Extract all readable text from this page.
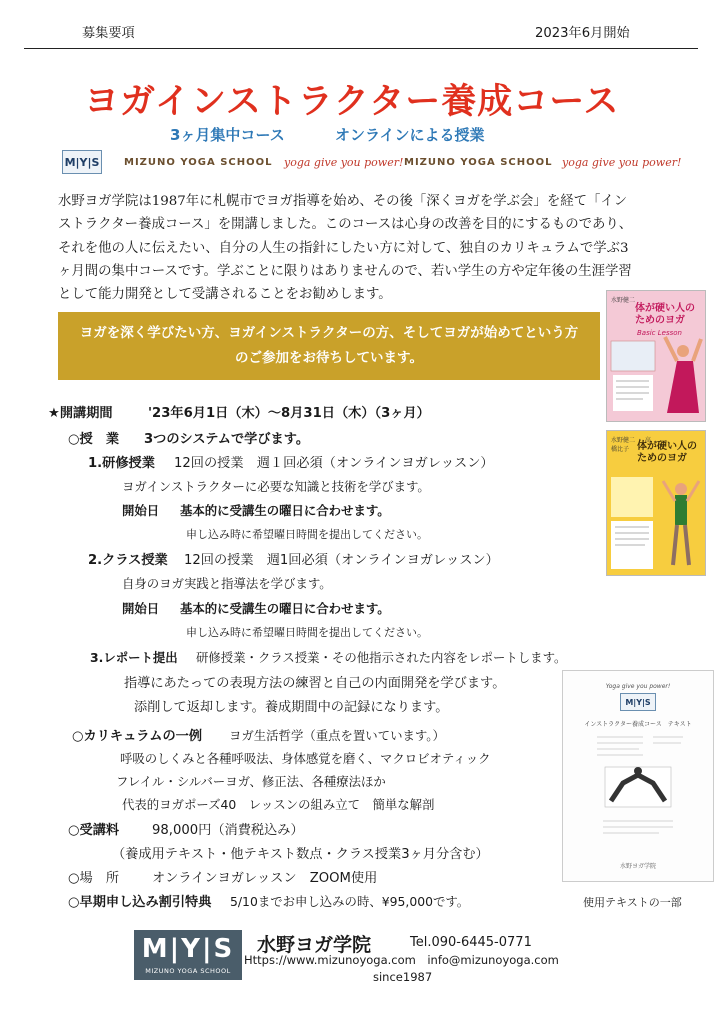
募集要項	2023年6月開始
ヨガインストラクター養成コース
3ヶ月集中コース	オンラインによる授業
M|Y|S MIZUNO YOGA SCHOOL yoga give you power! MIZUNO YOGA SCHOOL yoga give you power!
水野ヨガ学院は1987年に札幌市でヨガ指導を始め、その後「深くヨガを学ぶ会」を経て「インストラクター養成コース」を開講しました。このコースは心身の改善を目的にするものであり、それを他の人に伝えたい、自分の人生の指針にしたい方に対して、独自のカリキュラムで学ぶ3ヶ月間の集中コースです。学ぶことに限りはありませんので、若い学生の方や定年後の生涯学習として能力開発として受講されることをお勧めします。
ヨガを深く学びたい方、ヨガインストラクターの方、そしてヨガが始めてという方
のご参加をお待ちしています。
水野健二
体が硬い人の
ためのヨガ
Basic Lesson
水野健二 ・ 高橋比子 体が硬い人の
ためのヨガ
★開講期間	'23年6月1日（木）～8月31日（木）（3ヶ月）
○授　業 3つのシステムで学びます。
1.研修授業 12回の授業　週１回必須（オンラインヨガレッスン）
ヨガインストラクターに必要な知識と技術を学びます。
開始日 基本的に受講生の曜日に合わせます。
申し込み時に希望曜日時間を提出してください。
2.クラス授業 12回の授業　週1回必須（オンラインヨガレッスン）
自身のヨガ実践と指導法を学びます。
開始日 基本的に受講生の曜日に合わせます。
申し込み時に希望曜日時間を提出してください。
3.レポート提出 研修授業・クラス授業・その他指示された内容をレポートします。
指導にあたっての表現方法の練習と自己の内面開発を学びます。
添削して返却します。養成期間中の記録になります。
Yoga give you power!
M|Y|S
インストラクター養成コース　テキスト
水野ヨガ学院
使用テキストの一部
○カリキュラムの一例 ヨガ生活哲学（重点を置いています。）
呼吸のしくみと各種呼吸法、身体感覚を磨く、マクロビオティック
フレイル・シルバーヨガ、修正法、各種療法ほか
代表的ヨガポーズ40　レッスンの組み立て　簡単な解剖
○受講料 98,000円（消費税込み）
（養成用テキスト・他テキスト数点・クラス授業3ヶ月分含む）
○場　所 オンラインヨガレッスン　ZOOM使用
○早期申し込み割引特典 5/10までお申し込みの時、¥95,000です。
M|Y|S
MIZUNO YOGA SCHOOL
水野ヨガ学院	Tel.090-6445-0771
Https://www.mizunoyoga.com　info@mizunoyoga.com
since1987
